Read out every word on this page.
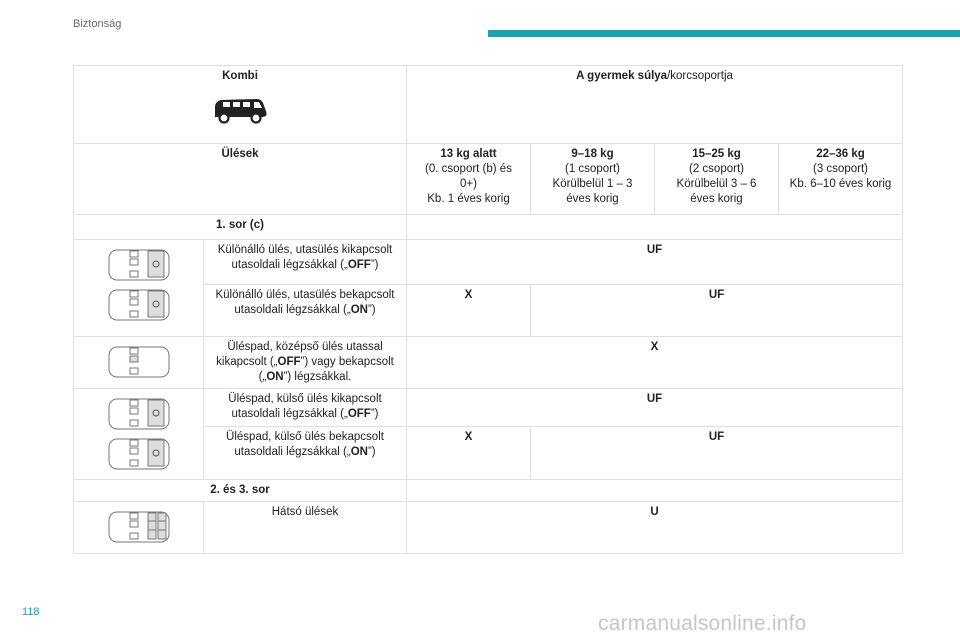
Biztonság
Kombi		A gyermek súlya/korcsoportja			
Ülések		13 kg alatt
(0. csoport (b) és
0+)
Kb. 1 éves korig	9–18 kg
(1 csoport)
Körülbelül 1 – 3
éves korig	15–25 kg
(2 csoport)
Körülbelül 3 – 6
éves korig	22–36 kg
(3 csoport)
Kb. 6–10 éves korig
1. sor (c)					

	Különálló ülés, utasülés kikapcsolt utasoldali légzsákkal („OFF”)	UF			
	Különálló ülés, utasülés bekapcsolt utasoldali légzsákkal („ON”)	X	UF		

	Üléspad, középső ülés utassal kikapcsolt („OFF”) vagy bekapcsolt („ON”) légzsákkal.	X			

	Üléspad, külső ülés kikapcsolt utasoldali légzsákkal („OFF”)	UF			
	Üléspad, külső ülés bekapcsolt utasoldali légzsákkal („ON”)	X	UF		
2. és 3. sor					

	Hátsó ülések	U			
118	carmanualsonline.info
